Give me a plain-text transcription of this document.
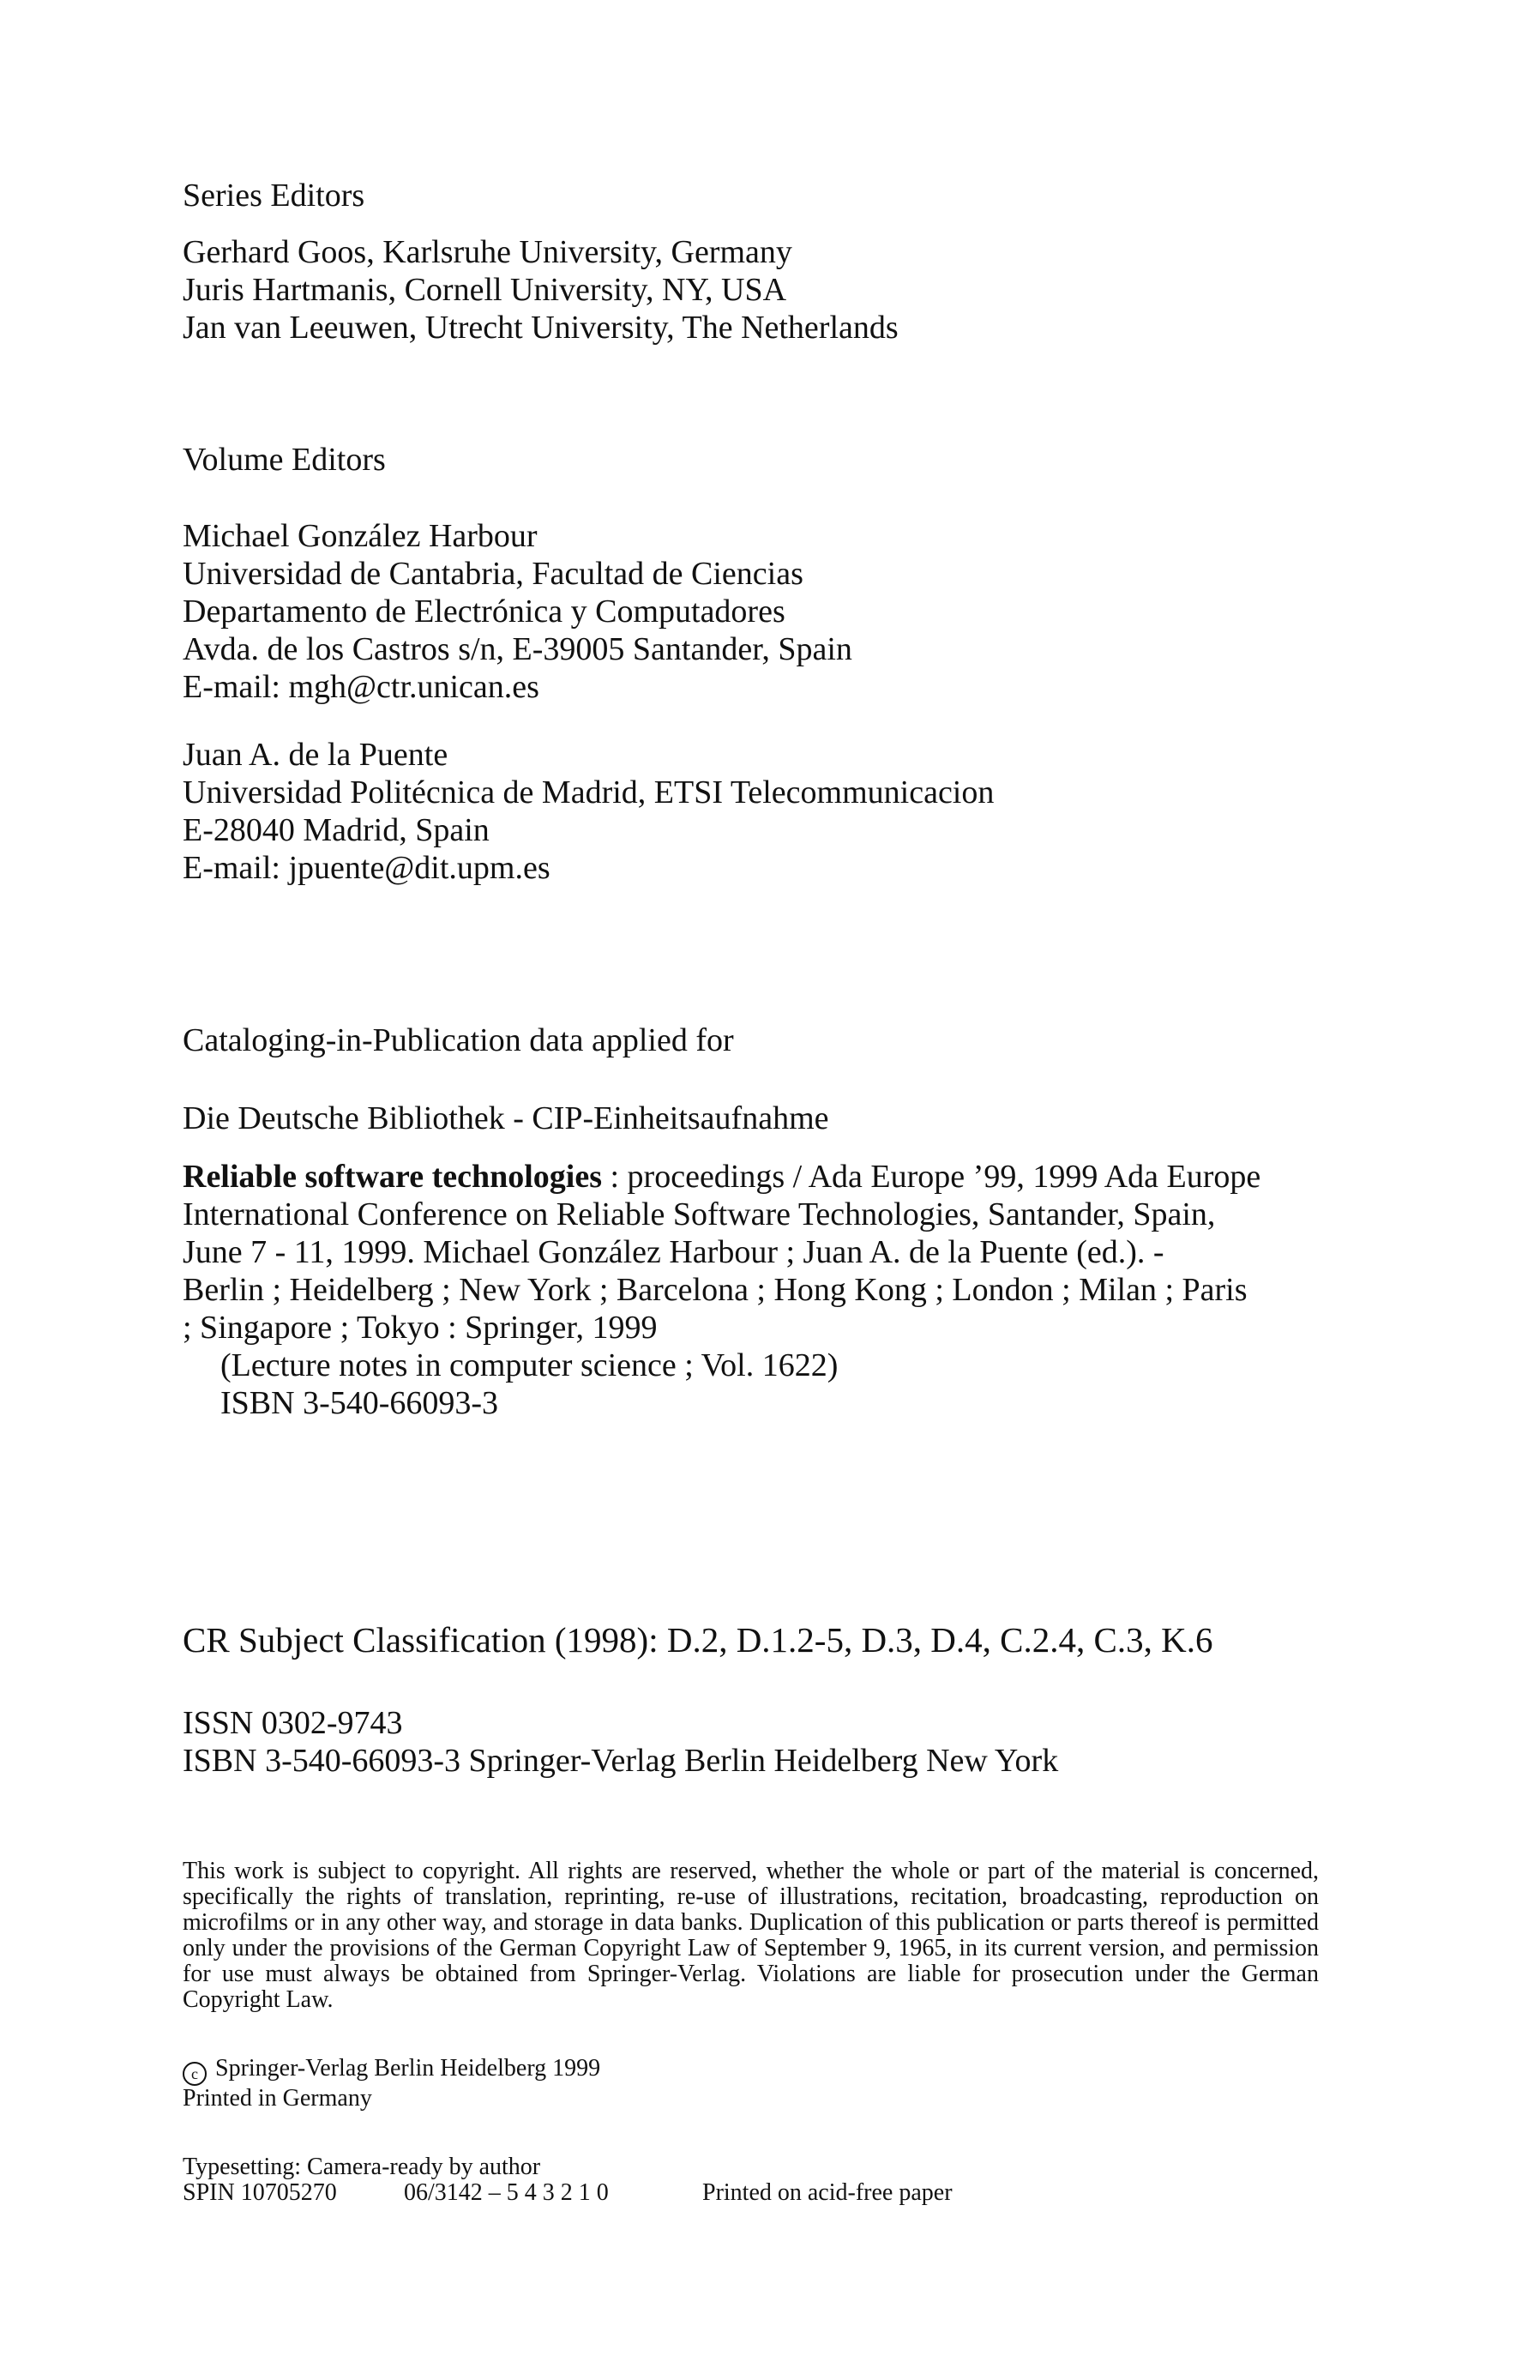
Series Editors
Gerhard Goos, Karlsruhe University, Germany
Juris Hartmanis, Cornell University, NY, USA
Jan van Leeuwen, Utrecht University, The Netherlands
Volume Editors
Michael González Harbour
Universidad de Cantabria, Facultad de Ciencias
Departamento de Electrónica y Computadores
Avda. de los Castros s/n, E-39005 Santander, Spain
E-mail: mgh@ctr.unican.es
Juan A. de la Puente
Universidad Politécnica de Madrid, ETSI Telecommunicacion
E-28040 Madrid, Spain
E-mail: jpuente@dit.upm.es
Cataloging-in-Publication data applied for
Die Deutsche Bibliothek - CIP-Einheitsaufnahme
Reliable software technologies : proceedings / Ada Europe ’99, 1999 Ada Europe
International Conference on Reliable Software Technologies, Santander, Spain,
June 7 - 11, 1999. Michael González Harbour ; Juan A. de la Puente (ed.). -
Berlin ; Heidelberg ; New York ; Barcelona ; Hong Kong ; London ; Milan ; Paris
; Singapore ; Tokyo : Springer, 1999
(Lecture notes in computer science ; Vol. 1622)
ISBN 3-540-66093-3
CR Subject Classification (1998): D.2, D.1.2-5, D.3, D.4, C.2.4, C.3, K.6
ISSN 0302-9743
ISBN 3-540-66093-3 Springer-Verlag Berlin Heidelberg New York
This work is subject to copyright. All rights are reserved, whether the whole or part of the material is concerned, specifically the rights of translation, reprinting, re-use of illustrations, recitation, broadcasting, reproduction on microfilms or in any other way, and storage in data banks. Duplication of this publication or parts thereof is permitted only under the provisions of the German Copyright Law of September 9, 1965, in its current version, and permission for use must always be obtained from Springer-Verlag. Violations are liable for prosecution under the German Copyright Law.
c Springer-Verlag Berlin Heidelberg 1999
Printed in Germany
Typesetting: Camera-ready by author
SPIN 10705270	06/3142 – 5 4 3 2 1 0	Printed on acid-free paper
